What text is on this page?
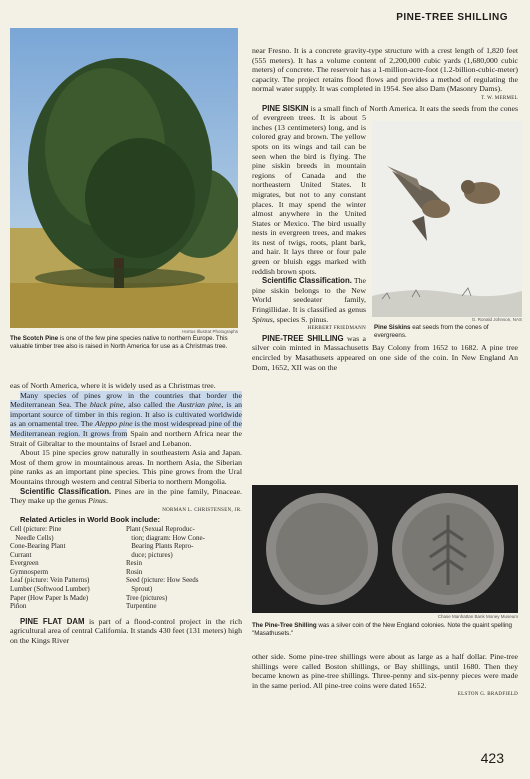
PINE-TREE SHILLING
Hortus Illustrat Photographs
The Scotch Pine is one of the few pine species native to northern Europe. This valuable timber tree also is raised in North America for use as a Christmas tree.

eas of North America, where it is widely used as a Christmas tree.

Many species of pines grow in the countries that border the Mediterranean Sea. The black pine, also called the Austrian pine, is an important source of timber in this region. It also is cultivated worldwide as an ornamental tree. The Aleppo pine is the most widespread pine of the Mediterranean region. It grows from Spain and northern Africa near the Strait of Gibraltar to the mountains of Israel and Lebanon.

About 15 pine species grow naturally in southeastern Asia and Japan. Most of them grow in mountainous areas. In northern Asia, the Siberian pine ranks as an important pine species. This pine grows from the Ural Mountains through western and central Siberia to northern Mongolia.

Scientific Classification. Pines are in the pine family, Pinaceae. They make up the genus Pinus.

NORMAN L. CHRISTENSEN, JR.
Related Articles in World Book include:
Cell (picture: Pine
Needle Cells)
Cone-Bearing Plant
Currant
Evergreen
Gymnosperm
Leaf (picture: Vein Patterns)
Lumber (Softwood Lumber)
Paper (How Paper Is Made)
Piñon
Plant (Sexual Reproduc-
tion; diagram: How Cone-
Bearing Plants Repro-
duce; pictures)
Resin
Rosin
Seed (picture: How Seeds
Sprout)
Tree (pictures)
Turpentine

PINE FLAT DAM is part of a flood-control project in the rich agricultural area of central California. It stands 430 feet (131 meters) high on the Kings River

near Fresno. It is a concrete gravity-type structure with a crest length of 1,820 feet (555 meters). It has a volume content of 2,200,000 cubic yards (1,680,000 cubic meters) of concrete. The reservoir has a 1-million-acre-foot (1.2-billion-cubic-meter) capacity. The project retains flood flows and provides a method of regulating the normal water supply. It was completed in 1954. See also Dam (Masonry Dams).

T. W. MERMEL

PINE SISKIN is a small finch of North America. It eats the seeds from the cones of evergreen trees. It is about 5 inches (13 centimeters) long, and is colored gray and brown. The yellow spots on its wings and tail can be seen when the bird is flying. The pine siskin breeds in mountain regions of Canada and the northeastern United States. It migrates, but not to any constant places. It may spend the winter almost anywhere in the United States or Mexico. The bird usually nests in evergreen trees, and makes its nest of twigs, roots, plant bark, and hair. It lays three or four pale green or bluish eggs marked with reddish brown spots.

Scientific Classification. The pine siskin belongs to the New World seedeater family, Fringillidae. It is classified as genus Spinus, species S. pinus.

HERBERT FRIEDMANN

PINE-TREE SHILLING was a silver coin minted in Massachusetts Bay Colony from 1652 to 1682. A pine tree encircled by Masathusets appeared on one side of the coin. In New England An Dom, 1652, XII was on the

G. Ronald Johnson, NAS
Pine Siskins eat seeds from the cones of evergreens.
Chase Manhattan Bank Money Museum
The Pine-Tree Shilling was a silver coin of the New England colonies. Note the quaint spelling "Masathusets."

other side. Some pine-tree shillings were about as large as a half dollar. Pine-tree shillings were called Boston shillings, or Bay shillings, until 1680. Then they became known as pine-tree shillings. Three-penny and six-penny pieces were made in the same period. All pine-tree coins were dated 1652.

ELSTON G. BRADFIELD
423
